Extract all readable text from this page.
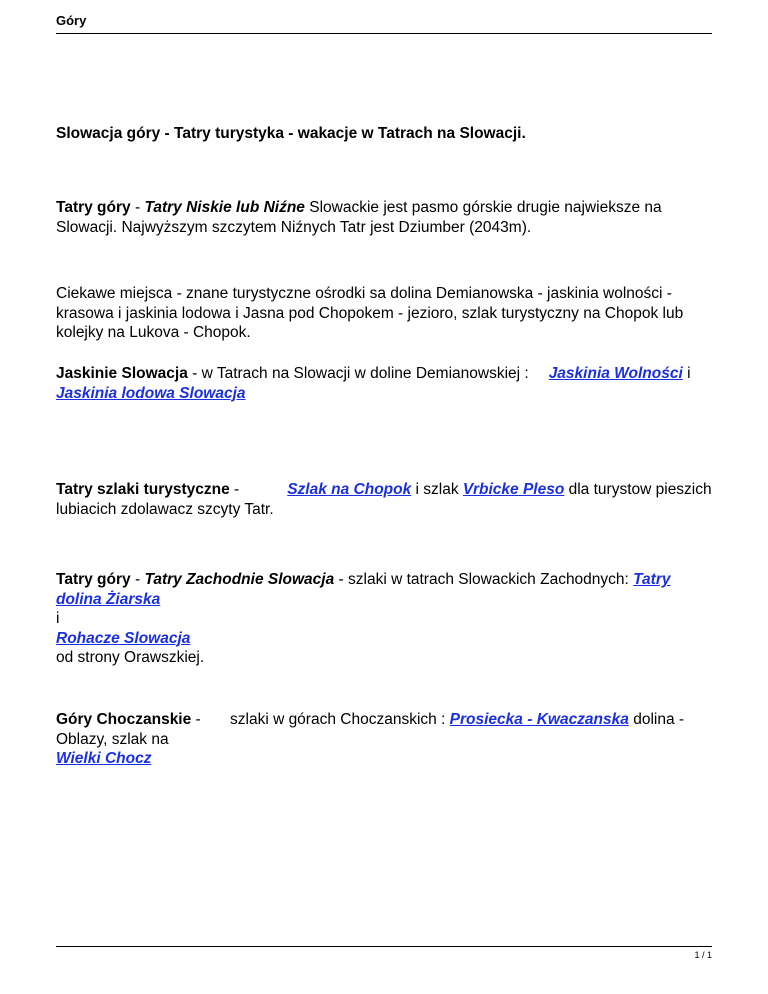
Góry
Slowacja góry - Tatry turystyka - wakacje w Tatrach na Slowacji.
Tatry góry - Tatry Niskie lub Niźne Slowackie jest pasmo górskie drugie najwieksze na Slowacji. Najwyższym szczytem Niźnych Tatr jest Dziumber (2043m).
Ciekawe miejsca - znane turystyczne ośrodki sa dolina Demianowska - jaskinia wolności - krasowa i jaskinia lodowa i Jasna pod Chopokem - jezioro, szlak turystyczny na Chopok lub kolejky na Lukova - Chopok.
Jaskinie Slowacja - w Tatrach na Slowacji w doline Demianowskiej : Jaskinia Wolności i
Jaskinia lodowa Slowacja
Tatry szlaki turystyczne -	Szlak na Chopok i szlak Vrbicke Pleso dla turystow pieszich lubiacich zdolawacz szcyty Tatr.
Tatry góry - Tatry Zachodnie Slowacja - szlaki w tatrach Slowackich Zachodnych: Tatry dolina Żiarska
i
Rohacze Slowacja
od strony Orawszkiej.
Góry Choczanskie -
Oblazy, szlak na
Wielki Chocz
szlaki w górach Choczanskich : Prosiecka - Kwaczanska dolina -
1 / 1
